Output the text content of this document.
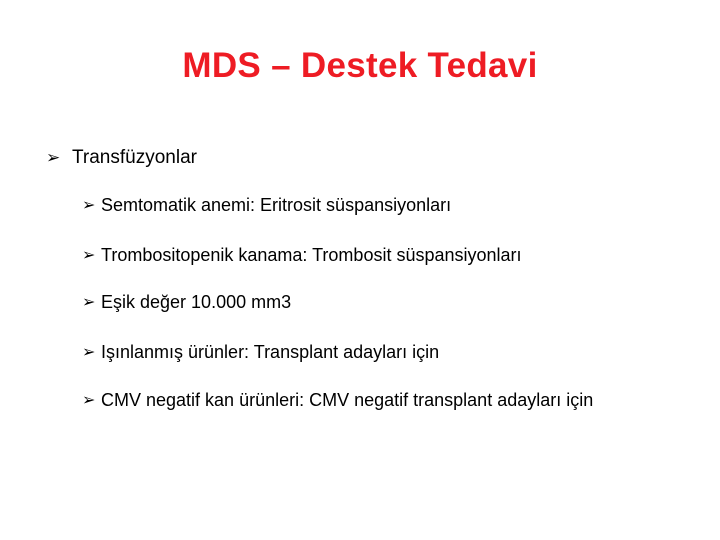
MDS – Destek Tedavi
➢ Transfüzyonlar
➢ Semtomatik anemi: Eritrosit süspansiyonları
➢ Trombositopenik kanama: Trombosit süspansiyonları
➢ Eşik değer 10.000 mm3
➢ Işınlanmış ürünler: Transplant adayları için
➢ CMV negatif kan ürünleri: CMV negatif transplant adayları için
